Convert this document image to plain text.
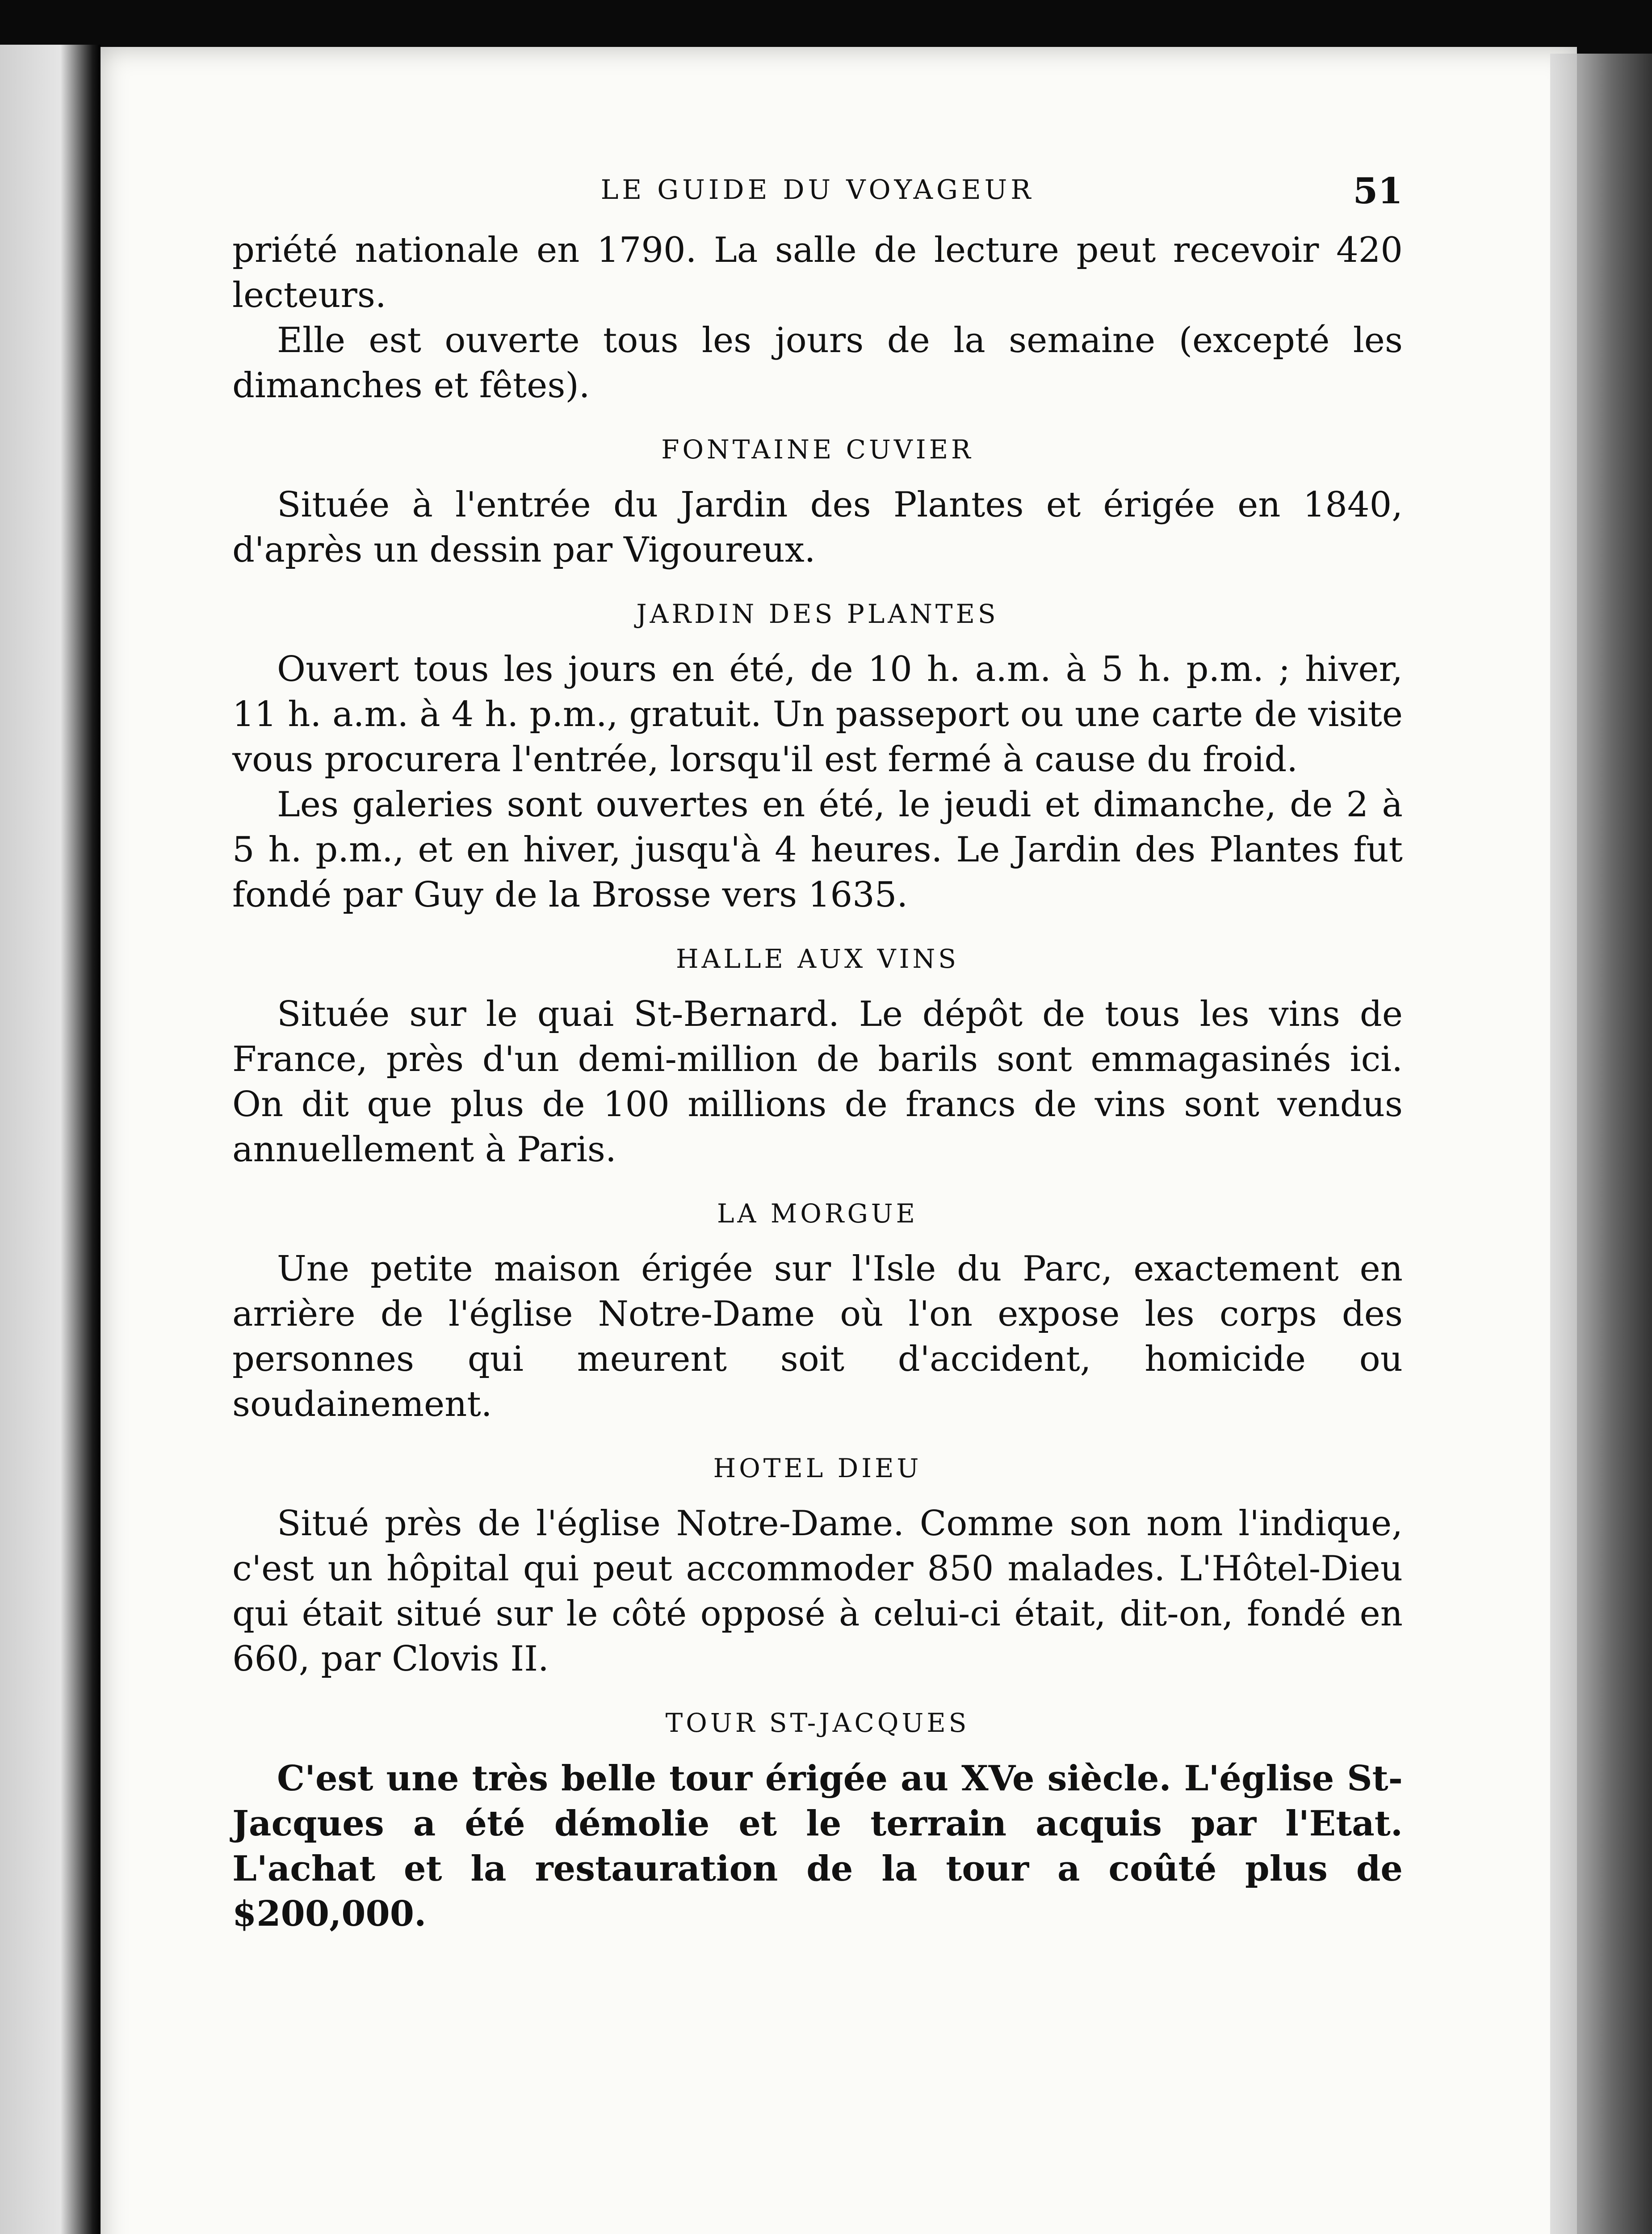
LE GUIDE DU VOYAGEUR	51

priété nationale en 1790. La salle de lecture peut recevoir 420 lecteurs.

Elle est ouverte tous les jours de la semaine (excepté les dimanches et fêtes).

FONTAINE CUVIER

Située à l'entrée du Jardin des Plantes et érigée en 1840, d'après un dessin par Vigoureux.

JARDIN DES PLANTES

Ouvert tous les jours en été, de 10 h. a.m. à 5 h. p.m. ; hiver, 11 h. a.m. à 4 h. p.m., gratuit. Un passeport ou une carte de visite vous procurera l'entrée, lorsqu'il est fermé à cause du froid.

Les galeries sont ouvertes en été, le jeudi et dimanche, de 2 à 5 h. p.m., et en hiver, jusqu'à 4 heures. Le Jardin des Plantes fut fondé par Guy de la Brosse vers 1635.

HALLE AUX VINS

Située sur le quai St-Bernard. Le dépôt de tous les vins de France, près d'un demi-million de barils sont emmagasinés ici. On dit que plus de 100 millions de francs de vins sont vendus annuellement à Paris.

LA MORGUE

Une petite maison érigée sur l'Isle du Parc, exactement en arrière de l'église Notre-Dame où l'on expose les corps des personnes qui meurent soit d'accident, homicide ou soudainement.

HOTEL DIEU

Situé près de l'église Notre-Dame. Comme son nom l'indique, c'est un hôpital qui peut accommoder 850 malades. L'Hôtel-Dieu qui était situé sur le côté opposé à celui-ci était, dit-on, fondé en 660, par Clovis II.

TOUR ST-JACQUES

C'est une très belle tour érigée au XVe siècle. L'église St-Jacques a été démolie et le terrain acquis par l'Etat. L'achat et la restauration de la tour a coûté plus de $200,000.
